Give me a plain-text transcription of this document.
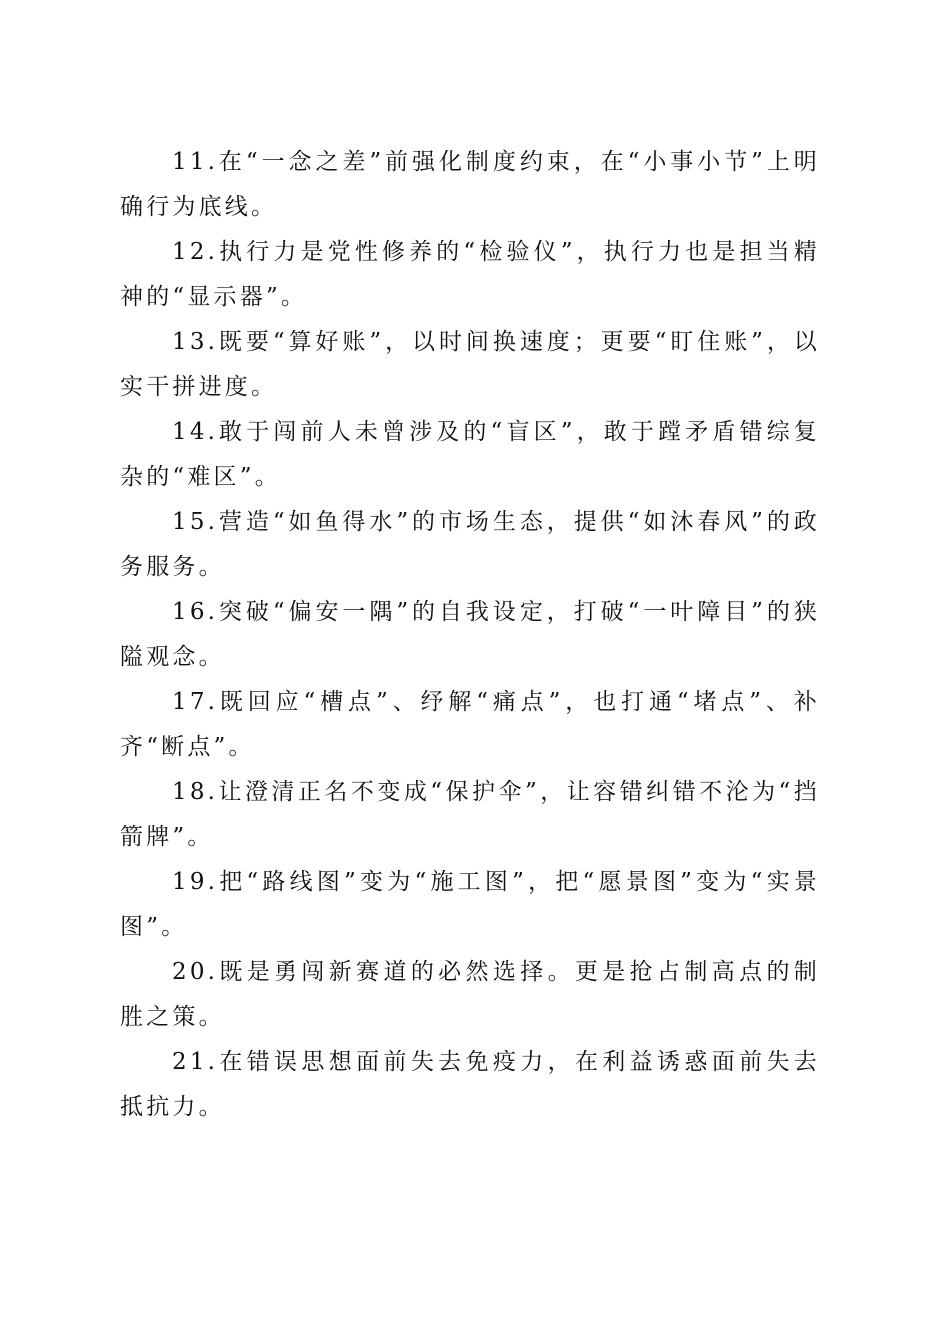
11.在“一念之差”前强化制度约束，在“小事小节”上明确行为底线。

12.执行力是党性修养的“检验仪”，执行力也是担当精神的“显示器”。

13.既要“算好账”，以时间换速度；更要“盯住账”，以实干拼进度。

14.敢于闯前人未曾涉及的“盲区”，敢于蹚矛盾错综复杂的“难区”。

15.营造“如鱼得水”的市场生态，提供“如沐春风”的政务服务。

16.突破“偏安一隅”的自我设定，打破“一叶障目”的狭隘观念。

17.既回应“槽点”、纾解“痛点”，也打通“堵点”、补齐“断点”。

18.让澄清正名不变成“保护伞”，让容错纠错不沦为“挡箭牌”。

19.把“路线图”变为“施工图”，把“愿景图”变为“实景图”。

20.既是勇闯新赛道的必然选择。更是抢占制高点的制胜之策。

21.在错误思想面前失去免疫力，在利益诱惑面前失去抵抗力。
